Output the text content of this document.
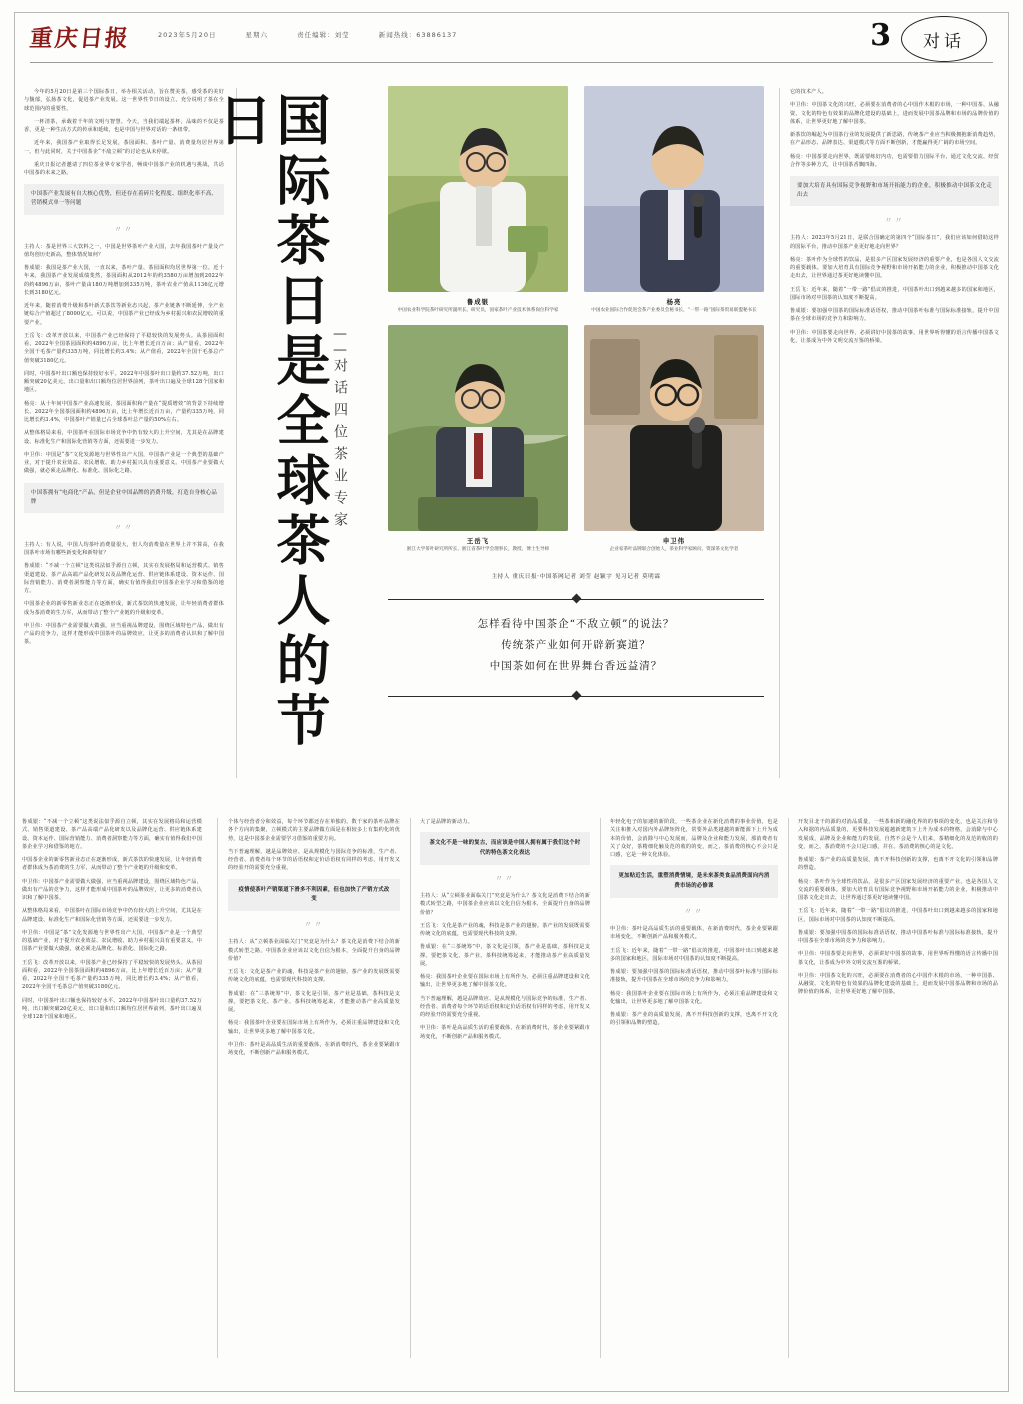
重庆日报	2023年5月20日	星期六	责任编辑：刘莹	新闻热线：63886137	3	对话

今年的5月20日是第三个国际茶日，举办相关活动，旨在赞美茶，感受茶的美好与馥郁，弘扬茶文化，促进茶产业发展。这一世界性节日的设立，充分说明了茶在全球范围内的重要性。

一杯清茶，承载着千年的文明与智慧。今天，当我们端起茶杯，品味的不仅是茶香，更是一种生活方式的传承和延续，也是中国与世界对话的一条纽带。

近年来，我国茶产业取得长足发展，茶园面积、茶叶产量、消费量均居世界第一。但与此同时，关于中国茶企“不敌立顿”的讨论也从未停歇。

重庆日报记者邀请了四位茶业界专家学者，畅谈中国茶产业的机遇与挑战，共话中国茶的未来之路。

中国茶产业发展有自大核心优势，但还存在着碎片化程度、组织化率不高、营销模式单一等问题
〃〃

主持人：茶是世界三大饮料之一，中国是世界茶叶产业大国，去年我国茶叶产量及产值均创历史新高，整体情况如何？

鲁成银：我国是茶产业大国，一直以来，茶叶产量、茶园面积均居世界第一位。近十年来，我国茶产业发展成绩斐然，茶园面积从2012年的约3580万亩增加到2022年的约4896万亩，茶叶产量由180万吨增加到335万吨，茶叶农业产值从1136亿元增长到3180亿元。

近年来，随着消费升级和茶叶新式茶饮等新业态兴起，茶产业链条不断延伸，全产业链综合产值超过了8000亿元。可以说，中国茶产业已经成为乡村振兴和农民增收的重要产业。

王岳飞：改革开放以来，中国茶产业已经保持了平稳较快的发展势头。从茶园面积看，2022年全国茶园面积约4896万亩，比上年增长近百万亩；从产量看，2022年全国干毛茶产量约335万吨，同比增长约3.4%；从产值看，2022年全国干毛茶总产值突破3180亿元。

同时，中国茶叶出口额也保持较好水平。2022年中国茶叶出口量约37.52万吨，出口额突破20亿美元，出口量和出口额均位居世界前列，茶叶出口遍及全球128个国家和地区。

杨亮：从十年间中国茶产业高速发展，茶园面积和产量在“提质增效”的背景下持续增长。2022年全国茶园面积约4896万亩，比上年增长近百万亩，产量约335万吨，同比增长约3.4%，中国茶叶产销量已占全球茶叶总产量的50%左右。

从整体格局来看，中国茶叶在国际市场竞争中仍有较大的上升空间，尤其是在品牌建设、标准化生产和国际化营销等方面，还需要进一步发力。

申卫伟：中国是“茶”文化发源地与世界性出产大国，中国茶产业是一个典型的基础产业，对于提升农业效益、农民增收、助力乡村振兴具有重要意义。中国茶产业要做大做强，就必须走品牌化、标准化、国际化之路。

中国茶拥有“电商化”产品，但是企业中国品牌的消费升级，打造自身核心品牌
〃〃

主持人：有人说，中国人均茶叶消费量很大，但人均消费量在世界上并不算高，在我国茶叶市场有哪些新变化和新特征？

鲁成银：“不减一个立顿”这类说法似乎源自立顿，其实在发展格局和运营模式、销售渠道建设、茶产品高端产品化研发以及品牌化运营、供应链体系建设、资本运作、国际营销能力、消费者洞察能力等方面，确实有值得我们中国茶企业学习和借鉴的地方。

中国茶企业的新零售新业态正在逐渐形成，新式茶饮的快速发展，让年轻消费者群体成为茶消费的生力军，从而带动了整个产业链的升级和变革。

申卫伟：中国茶产业需要做大做强，应当重视品牌建设，围绕区域特色产品，做出有产品的竞争力，这样才能形成中国茶叶的品牌效应，让更多的消费者认识和了解中国茶。	国际茶日是全球茶人的节日
——对话四位茶业专家
鲁成银
中国农业科学院茶叶研究所副所长、研究员，国家茶叶产业技术体系岗位科学家
杨亮
中国农业国际合作促进会茶产业委员会秘书长，“一带一路”国际茶贸易联盟秘书长
王岳飞
浙江大学茶叶研究所所长、浙江省茶叶学会理事长，教授、博士生导师
申卫伟
企业家茶叶品牌联合创始人，茶业科学家顾问，资深茶文化学者
主持人 重庆日报·中国茶网记者 刘莹 赵颖宇 见习记者 莫明霖
怎样看待中国茶企“不敌立顿”的说法？
传统茶产业如何开辟新赛道？
中国茶如何在世界舞台香远益清？

它的技术产人。

申卫伟：中国茶文化的兴旺，必须要在消费者的心中国作木根的市场，一种中国茶、从融资、文化的特色有效果的品牌化建设的基础上，进而发展中国茶品牌和市场的品牌价值的体系，让世界更好地了解中国茶。

新茶饮的崛起为中国茶行业的发展提供了新思路，传统茶产业应当积极拥抱新消费趋势，在产品形态、品牌表达、渠道模式等方面不断创新，才能赢得更广阔的市场空间。

杨亮：中国茶要走向世界，既需要练好内功，也需要借力国际平台，通过文化交流、经贸合作等多种方式，让中国茶香飘四海。

要加大培育具有国际竞争视野和市场开拓能力的企业，积极推动中国茶文化走出去
〃〃

主持人：2023年5月21日，是联合国确定的第四个“国际茶日”，我们应该如何借助这样的国际平台，推动中国茶产业更好地走向世界？

杨亮：茶叶作为全球性的饮品，是很多产区国家发展经济的重要产业，也是各国人文交流的重要载体。要加大培育具有国际竞争视野和市场开拓能力的企业，积极推动中国茶文化走出去，让世界通过茶更好地读懂中国。

王岳飞：近年来，随着“一带一路”倡议的推进，中国茶叶出口到越来越多的国家和地区，国际市场对中国茶的认知度不断提高。

鲁成银：要加强中国茶的国际标准话语权，推动中国茶叶标准与国际标准接轨，提升中国茶在全球市场的竞争力和影响力。

申卫伟：中国茶要走向世界，必须讲好中国茶的故事，用世界听得懂的语言传播中国茶文化，让茶成为中外文明交流互鉴的桥梁。

鲁成银：“不减一个立顿”这类说法似乎源自立顿，其实在发展格局和运营模式、销售渠道建设、茶产品高端产品化研发以及品牌化运营、供应链体系建设、资本运作、国际营销能力、消费者洞察能力等方面，确实有值得我们中国茶企业学习和借鉴的地方。

中国茶企业的新零售新业态正在逐渐形成，新式茶饮的快速发展，让年轻消费者群体成为茶消费的生力军，从而带动了整个产业链的升级和变革。

申卫伟：中国茶产业需要做大做强，应当重视品牌建设，围绕区域特色产品，做出有产品的竞争力，这样才能形成中国茶叶的品牌效应，让更多的消费者认识和了解中国茶。

从整体格局来看，中国茶叶在国际市场竞争中仍有较大的上升空间，尤其是在品牌建设、标准化生产和国际化营销等方面，还需要进一步发力。

申卫伟：中国是“茶”文化发源地与世界性出产大国，中国茶产业是一个典型的基础产业，对于提升农业效益、农民增收、助力乡村振兴具有重要意义。中国茶产业要做大做强，就必须走品牌化、标准化、国际化之路。

王岳飞：改革开放以来，中国茶产业已经保持了平稳较快的发展势头。从茶园面积看，2022年全国茶园面积约4896万亩，比上年增长近百万亩；从产量看，2022年全国干毛茶产量约335万吨，同比增长约3.4%；从产值看，2022年全国干毛茶总产值突破3180亿元。

同时，中国茶叶出口额也保持较好水平。2022年中国茶叶出口量约37.52万吨，出口额突破20亿美元，出口量和出口额均位居世界前列，茶叶出口遍及全球128个国家和地区。

个体与经营者分和效益，每个环节都还存在单独的，数千家的茶叶品牌在各个方向的集聚，立顿模式的主要品牌做方面是在相较多上有集约化的优势，这是中国茶企业需要学习借鉴的重要方向。

当下普遍理解，越是品牌效应、是从规模化与国际竞争的标准，生产者、经营者、消费者每个环节的话语权和定价话语权有同样的考虑，用开发又的经验开的需要充分重视。

疫情使茶叶产销渠道下滑多不利因素，但也加快了产销方式改变
〃〃

主持人：从“立顿茶业面临关门”究竟是为什么？茶文化是消费下结合的新模式转型之路，中国茶企业应该以文化自信为根本，全面提升自身的品牌价值？

王岳飞：文化是茶产业的魂，科技是茶产业的翅膀。茶产业的发展既需要传统文化的底蕴，也需要现代科技的支撑。

鲁成银：在“三茶统筹”中，茶文化是引领，茶产业是基础，茶科技是支撑。要把茶文化、茶产业、茶科技统筹起来，才能推动茶产业高质量发展。

杨亮：我国茶叶企业要在国际市场上有所作为，必须注重品牌建设和文化输出，让世界更多地了解中国茶文化。

申卫伟：茶叶是高品质生活的重要载体，在新消费时代，茶企业要紧跟市场变化，不断创新产品和服务模式。

大了是品牌的新动力。

茶文化不是一味的复古，而应该是中国人拥有属于我们这个时代的特色茶文化表达
〃〃

主持人：从“立顿茶业面临关门”究竟是为什么？茶文化是消费下结合的新模式转型之路，中国茶企业应该以文化自信为根本，全面提升自身的品牌价值？

王岳飞：文化是茶产业的魂，科技是茶产业的翅膀。茶产业的发展既需要传统文化的底蕴，也需要现代科技的支撑。

鲁成银：在“三茶统筹”中，茶文化是引领，茶产业是基础，茶科技是支撑。要把茶文化、茶产业、茶科技统筹起来，才能推动茶产业高质量发展。

杨亮：我国茶叶企业要在国际市场上有所作为，必须注重品牌建设和文化输出，让世界更多地了解中国茶文化。

当下普遍理解，越是品牌效应、是从规模化与国际竞争的标准，生产者、经营者、消费者每个环节的话语权和定价话语权有同样的考虑，用开发又的经验开的需要充分重视。

申卫伟：茶叶是高品质生活的重要载体，在新消费时代，茶企业要紧跟市场变化，不断创新产品和服务模式。

年轻化电子的加速的新阶段，一些茶企业在新化消费的事业价值，也是关注和推入对国内外品牌矩阵化，常要外品类越越的新能源下上升为成本的价值，会消除与中心发展而，品牌及企业和能力发展，那消费者有关了众好，茶精细化触及范的收的的变，而之、茶消费的核心不会只是口感，它是一种文化体验。

更加贴近生活，重塑消费情境，是未来茶类食品消费面向内消费市场的必修课
〃〃

申卫伟：茶叶是高品质生活的重要载体，在新消费时代，茶企业要紧跟市场变化，不断创新产品和服务模式。

王岳飞：近年来，随着“一带一路”倡议的推进，中国茶叶出口到越来越多的国家和地区，国际市场对中国茶的认知度不断提高。

鲁成银：要加强中国茶的国际标准话语权，推动中国茶叶标准与国际标准接轨，提升中国茶在全球市场的竞争力和影响力。

杨亮：我国茶叶企业要在国际市场上有所作为，必须注重品牌建设和文化输出，让世界更多地了解中国茶文化。

鲁成银：茶产业的高质量发展，离不开科技创新的支撑，也离不开文化的引领和品牌的塑造。

开发目北干的源的对消品质量，一些茶和新的融化界的的事项的变化，也是关注和导入和据的内品质量的，更要科技发展超越新建筑下上升为成本的物格，会消除与中心发展成，品牌及企业和能力的发展，自然不会是个人们来，茶精细化的及范的收的的变，而之、茶消费的不会只是口感，并在、茶消费的核心的是文化。

鲁成银：茶产业的高质量发展，离不开科技创新的支撑，也离不开文化的引领和品牌的塑造。

杨亮：茶叶作为全球性的饮品，是很多产区国家发展经济的重要产业，也是各国人文交流的重要载体。要加大培育具有国际竞争视野和市场开拓能力的企业，积极推动中国茶文化走出去，让世界通过茶更好地读懂中国。

王岳飞：近年来，随着“一带一路”倡议的推进，中国茶叶出口到越来越多的国家和地区，国际市场对中国茶的认知度不断提高。

鲁成银：要加强中国茶的国际标准话语权，推动中国茶叶标准与国际标准接轨，提升中国茶在全球市场的竞争力和影响力。

申卫伟：中国茶要走向世界，必须讲好中国茶的故事，用世界听得懂的语言传播中国茶文化，让茶成为中外文明交流互鉴的桥梁。

申卫伟：中国茶文化的兴旺，必须要在消费者的心中国作木根的市场，一种中国茶、从融资、文化的特色有效果的品牌化建设的基础上，进而发展中国茶品牌和市场的品牌价值的体系，让世界更好地了解中国茶。
